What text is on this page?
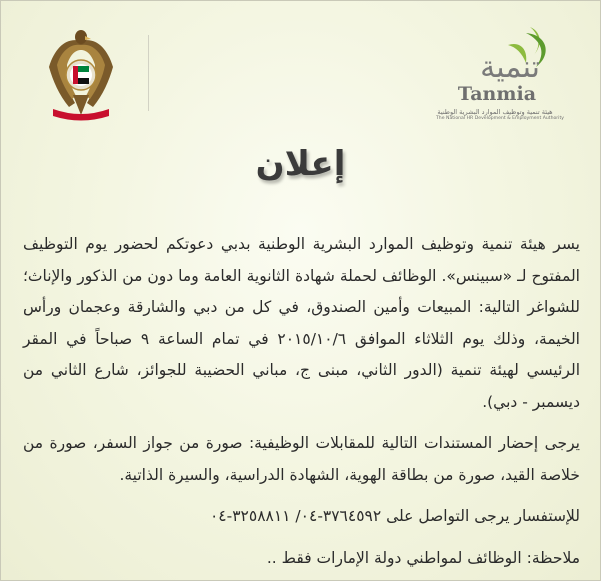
تنمية
Tanmia
هيئة تنمية وتوظيف الموارد البشرية الوطنية
The National HR Development & Employment Authority
إعلان

يسر هيئة تنمية وتوظيف الموارد البشرية الوطنية بدبي دعوتكم لحضور يوم التوظيف المفتوح لـ «سبينس». الوظائف لحملة شهادة الثانوية العامة وما دون من الذكور والإناث؛ للشواغر التالية: المبيعات وأمين الصندوق، في كل من دبي والشارقة وعجمان ورأس الخيمة، وذلك يوم الثلاثاء الموافق ٢٠١٥/١٠/٦ في تمام الساعة ٩ صباحاً في المقر الرئيسي لهيئة تنمية (الدور الثاني، مبنى ج، مباني الحضيبة للجوائز، شارع الثاني من ديسمبر - دبي).

يرجى إحضار المستندات التالية للمقابلات الوظيفية: صورة من جواز السفر، صورة من خلاصة القيد، صورة من بطاقة الهوية، الشهادة الدراسية، والسيرة الذاتية.

للإستفسار يرجى التواصل على ٣٧٦٤٥٩٢-٠٤/ ٣٢٥٨٨١١-٠٤

ملاحظة: الوظائف لمواطني دولة الإمارات فقط ..
